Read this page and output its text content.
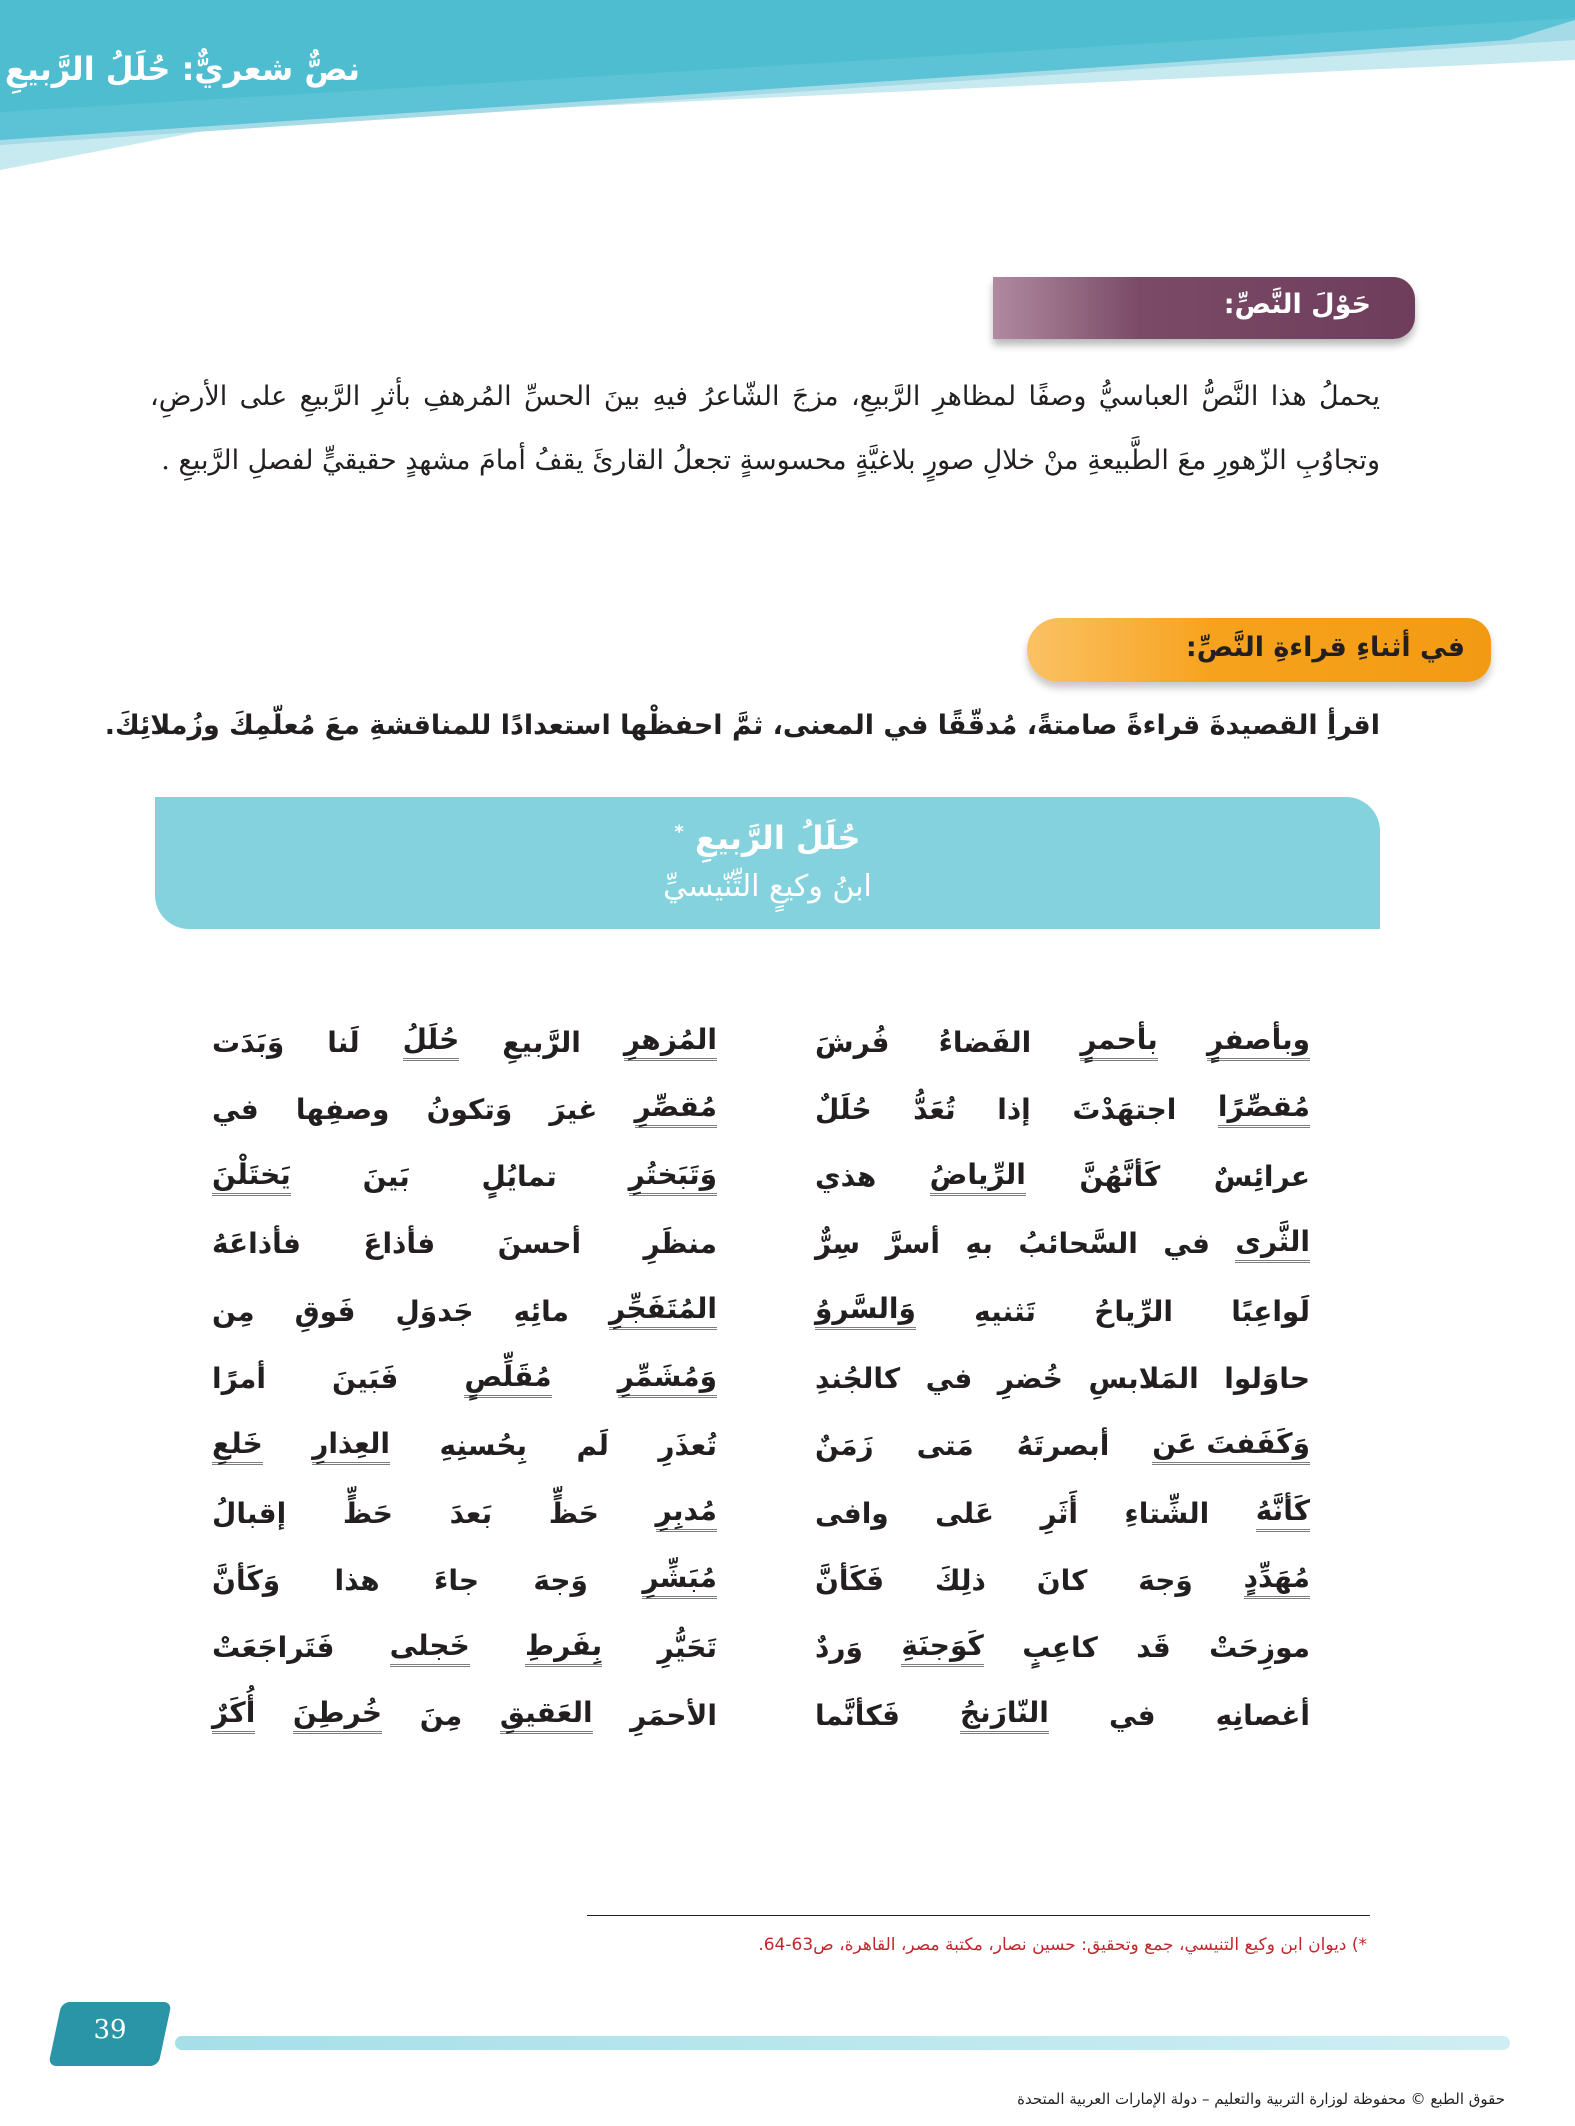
نصٌّ شعريٌّ: حُلَلُ الرَّبيعِ
حَوْلَ النَّصِّ:
يحملُ هذا النَّصُّ العباسيُّ وصفًا لمظاهرِ الرَّبيعِ، مزجَ الشّاعرُ فيهِ بينَ الحسِّ المُرهفِ بأثرِ الرَّبيعِ على الأرضِ، وتجاوُبِ الزّهورِ معَ الطَّبيعةِ منْ خلالِ صورٍ بلاغيَّةٍ محسوسةٍ تجعلُ القارئَ يقفُ أمامَ مشهدٍ حقيقيٍّ لفصلِ الرَّبيعِ .
في أثناءِ قراءةِ النَّصِّ:
اقرأِ القصيدةَ قراءةً صامتةً، مُدقّقًا في المعنى، ثمَّ احفظْها استعدادًا للمناقشةِ معَ مُعلّمِكَ وزُملائِكَ.
حُلَلُ الرَّبيعِ *
ابنُ وكيعٍ التِّنّيسيِّ
فُرشَ الفَضاءُ بأحمرٍ وبأصفرٍ
وَبَدَت لَنا حُلَلُ الرَّبيعِ المُزهرِ
حُلَلٌ تُعَدُّ إذا اجتهَدْتَ مُقصِّرًا
في وصفِها وَتكونُ غيرَ مُقصِّرِ
هذي الرِّياضُ كَأنَّهُنَّ عرائِسٌ
يَختَلْنَ	بَينَ	تمايُلٍ	وَتَبَختُرِ
سِرٌّ أسرَّ بهِ السَّحائبُ في الثَّرى
فأذاعَهُ فأذاعَ أحسنَ منظَرِ
وَالسَّروُ تَثنيهِ الرِّياحُ لَواعِبًا
مِن فَوقِ جَدوَلِ مائِهِ المُتَفَجِّرِ
كالجُندِ في خُضرِ المَلابسِ حاوَلوا
أمرًا فَبَينَ مُقَلِّصٍ وَمُشَمِّرِ
زَمَنٌ مَتى أبصرتَهُ وَكَفَفتَ عَن
خَلعِ العِذارِ بِحُسنِهِ لَم تُعذَرِ
وافى عَلى أَثَرِ الشِّتاءِ كَأنَّهُ
إقبالُ حَظٍّ بَعدَ حَظٍّ مُدبِرِ
فَكَأنَّ ذلِكَ كانَ وَجهَ مُهَدِّدٍ
وَكَأنَّ هذا جاءَ وَجهَ مُبَشِّرِ
وَردٌ كَوَجنَةِ كاعِبٍ قَد موزِحَتْ
فَتَراجَعَتْ خَجلى بِفَرطِ تَحَيُّرِ
فَكأنَّما النّارَنجُ في أغصانِهِ
أُكَرٌ خُرطِنَ مِنَ العَقيقِ الأحمَرِ
*) ديوان ابن وكيع التنيسي، جمع وتحقيق: حسين نصار، مكتبة مصر، القاهرة، ص63-64.
39
حقوق الطبع © محفوظة لوزارة التربية والتعليم – دولة الإمارات العربية المتحدة
